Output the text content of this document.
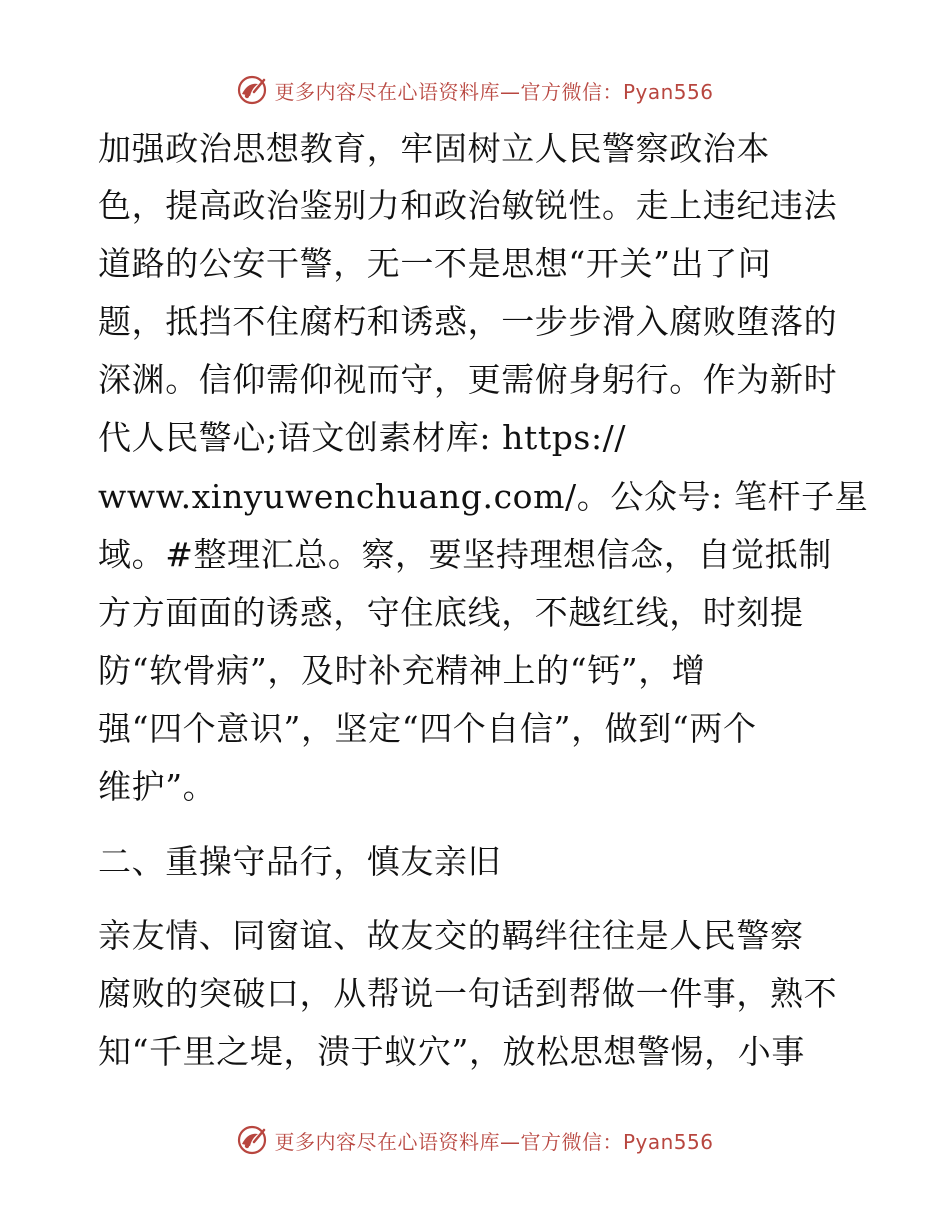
更多内容尽在心语资料库—官方微信：Pyan556
加强政治思想教育，牢固树立人民警察政治本
色，提高政治鉴别力和政治敏锐性。走上违纪违法
道路的公安干警，无一不是思想“开关”出了问
题，抵挡不住腐朽和诱惑，一步步滑入腐败堕落的
深渊。信仰需仰视而守，更需俯身躬行。作为新时
代人民警心;语文创素材库: https://
www.xinyuwenchuang.com/。公众号: 笔杆子星
域。#整理汇总。察，要坚持理想信念，自觉抵制
方方面面的诱惑，守住底线，不越红线，时刻提
防“软骨病”，及时补充精神上的“钙”，增
强“四个意识”，坚定“四个自信”，做到“两个
维护”。
二、重操守品行，慎友亲旧
亲友情、同窗谊、故友交的羁绊往往是人民警察
腐败的突破口，从帮说一句话到帮做一件事，熟不
知“千里之堤，溃于蚁穴”，放松思想警惕，小事
更多内容尽在心语资料库—官方微信：Pyan556
